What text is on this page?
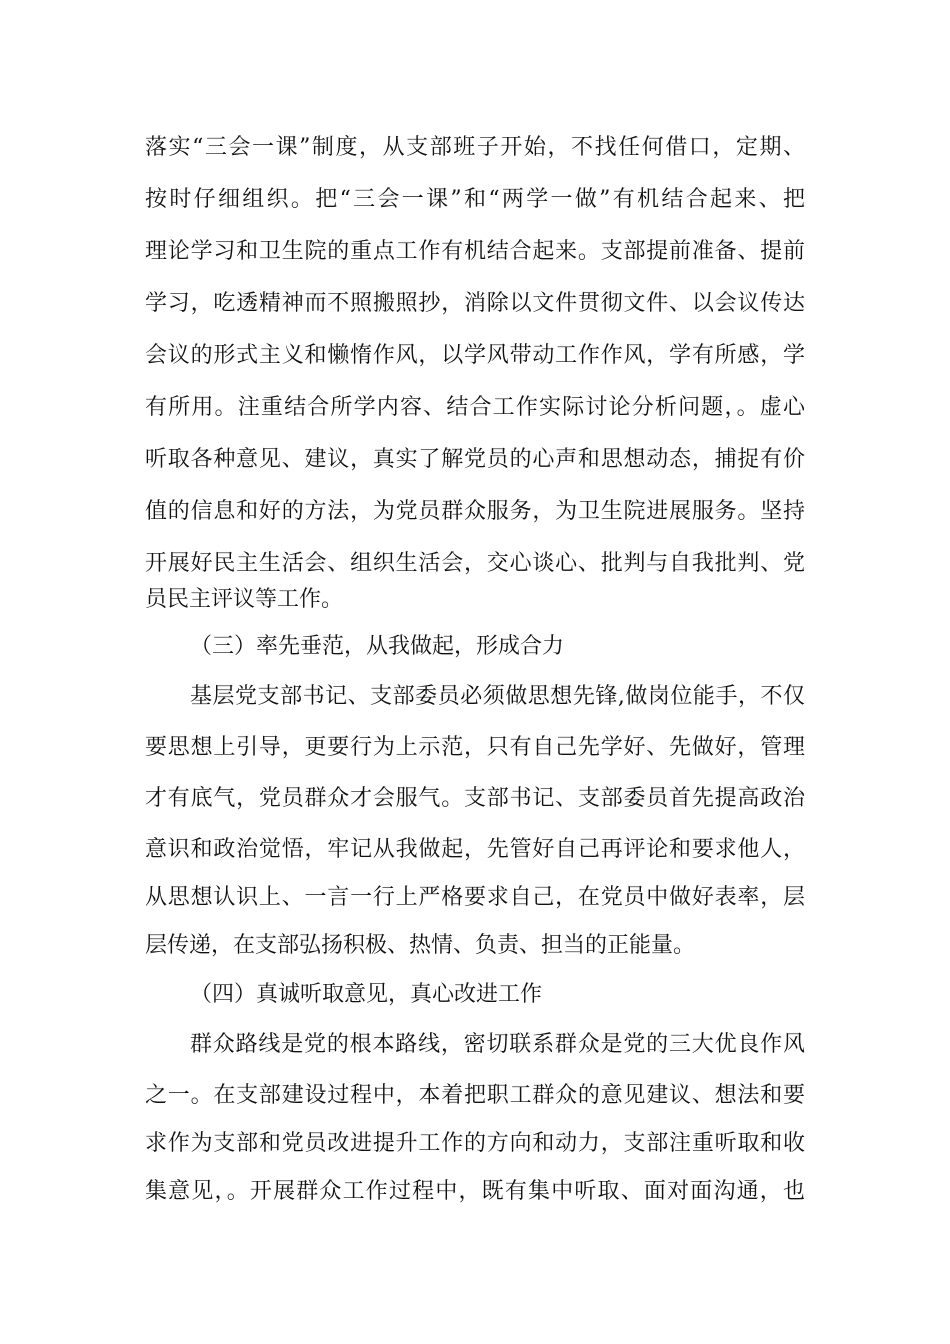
落实“三会一课”制度，从支部班子开始，不找任何借口，定期、
按时仔细组织。把“三会一课”和“两学一做”有机结合起来、把
理论学习和卫生院的重点工作有机结合起来。支部提前准备、提前
学习，吃透精神而不照搬照抄，消除以文件贯彻文件、以会议传达
会议的形式主义和懒惰作风，以学风带动工作作风，学有所感，学
有所用。注重结合所学内容、结合工作实际讨论分析问题，。虚心
听取各种意见、建议，真实了解党员的心声和思想动态，捕捉有价
值的信息和好的方法，为党员群众服务，为卫生院进展服务。坚持
开展好民主生活会、组织生活会，交心谈心、批判与自我批判、党
员民主评议等工作。
（三）率先垂范，从我做起，形成合力
基层党支部书记、支部委员必须做思想先锋,做岗位能手，不仅
要思想上引导，更要行为上示范，只有自己先学好、先做好，管理
才有底气，党员群众才会服气。支部书记、支部委员首先提高政治
意识和政治觉悟，牢记从我做起，先管好自己再评论和要求他人，
从思想认识上、一言一行上严格要求自己，在党员中做好表率，层
层传递，在支部弘扬积极、热情、负责、担当的正能量。
（四）真诚听取意见，真心改进工作
群众路线是党的根本路线，密切联系群众是党的三大优良作风
之一。在支部建设过程中，本着把职工群众的意见建议、想法和要
求作为支部和党员改进提升工作的方向和动力，支部注重听取和收
集意见，。开展群众工作过程中，既有集中听取、面对面沟通，也
